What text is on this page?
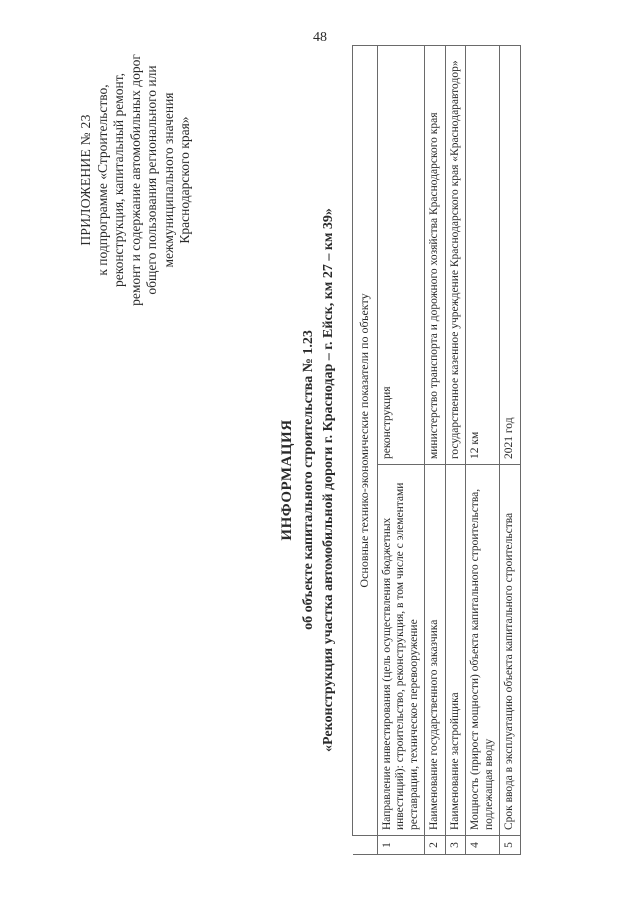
48
ПРИЛОЖЕНИЕ № 23 к подпрограмме «Строительство, реконструкция, капитальный ремонт, ремонт и содержание автомобильных дорог общего пользования регионального или межмуниципального значения Краснодарского края»
ИНФОРМАЦИЯ об объекте капитального строительства № 1.23 «Реконструкция участка автомобильной дороги г. Краснодар – г. Ейск, км 27 – км 39»
	Основные технико-экономические показатели по объекту	
1	Направление инвестирования (цель осуществления бюджетных инвестиций): строительство, реконструкция, в том числе с элементами реставрации, техническое перевооружение	реконструкция
2	Наименование государственного заказчика	министерство транспорта и дорожного хозяйства Краснодарского края
3	Наименование застройщика	государственное казенное учреждение Краснодарского края «Краснодаравтодор»
4	Мощность (прирост мощности) объекта капитального строительства, подлежащая вводу	12 км
5	Срок ввода в эксплуатацию объекта капитального строительства	2021 год
